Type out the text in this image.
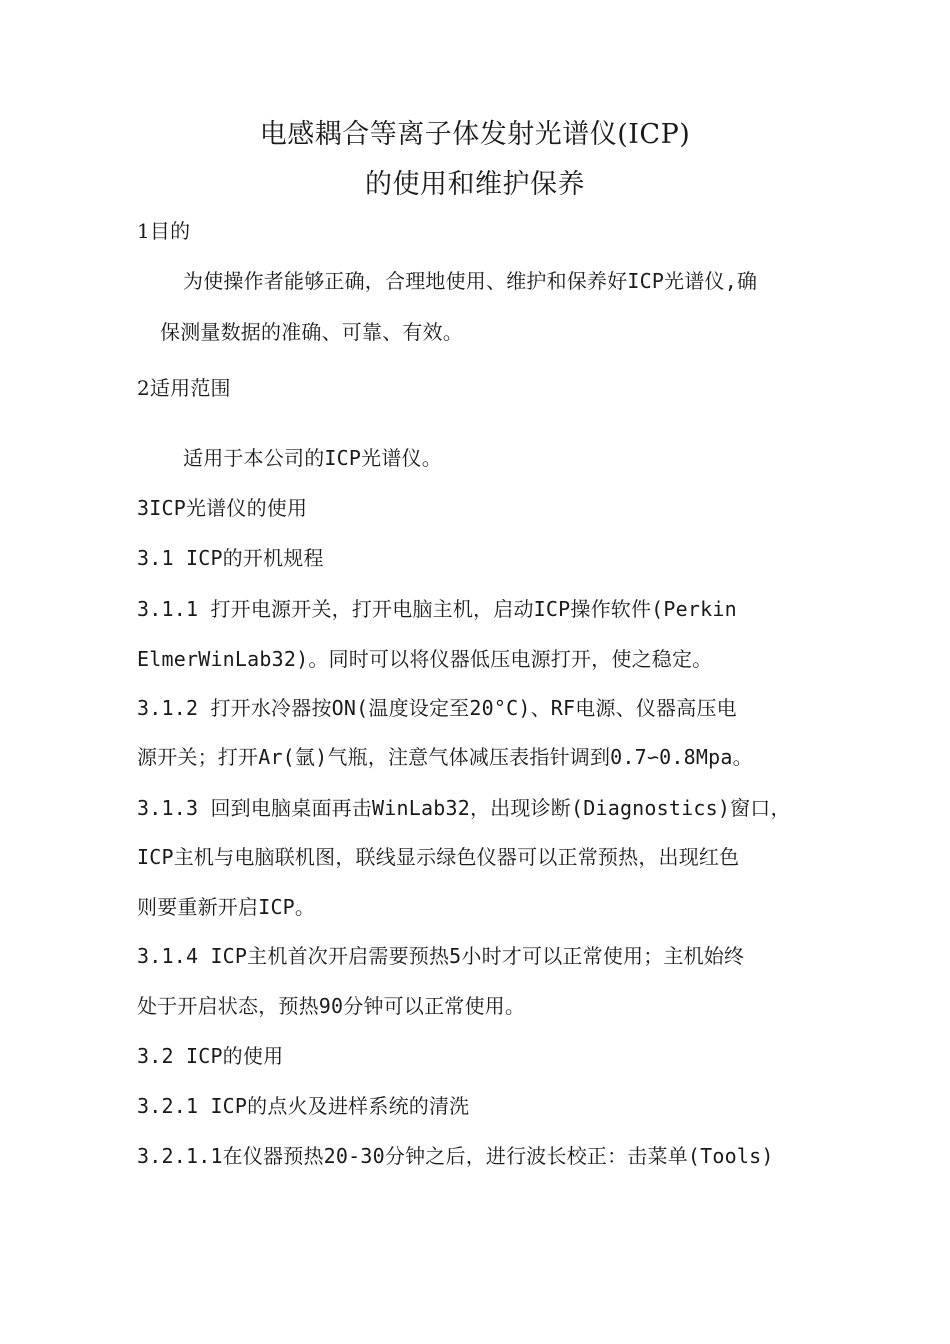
电感耦合等离子体发射光谱仪(ICP)
的使用和维护保养
1目的
为使操作者能够正确，合理地使用、维护和保养好ICP光谱仪,确
保测量数据的准确、可靠、有效。
2适用范围
适用于本公司的ICP光谱仪。
3ICP光谱仪的使用
3.1 ICP的开机规程
3.1.1 打开电源开关，打开电脑主机，启动ICP操作软件(Perkin
ElmerWinLab32)。同时可以将仪器低压电源打开，使之稳定。
3.1.2 打开水冷器按ON(温度设定至20°C)、RF电源、仪器高压电
源开关；打开Ar(氩)气瓶，注意气体减压表指针调到0.7∽0.8Mpa。
3.1.3 回到电脑桌面再击WinLab32，出现诊断(Diagnostics)窗口，
ICP主机与电脑联机图，联线显示绿色仪器可以正常预热，出现红色
则要重新开启ICP。
3.1.4 ICP主机首次开启需要预热5小时才可以正常使用；主机始终
处于开启状态，预热90分钟可以正常使用。
3.2 ICP的使用
3.2.1 ICP的点火及进样系统的清洗
3.2.1.1在仪器预热20-30分钟之后，进行波长校正：击菜单(Tools)
